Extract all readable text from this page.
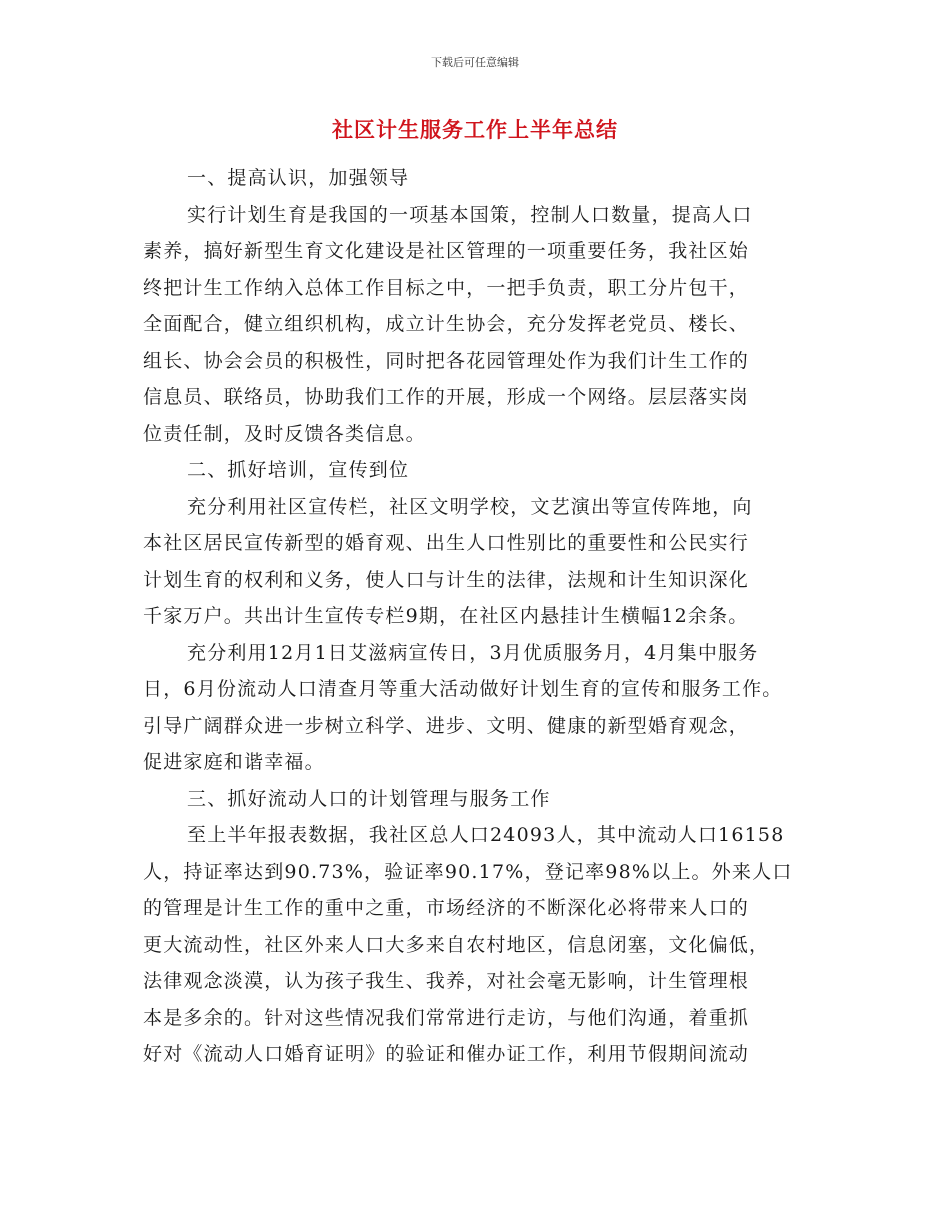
下载后可任意编辑
社区计生服务工作上半年总结
一、提高认识，加强领导
实行计划生育是我国的一项基本国策，控制人口数量，提高人口
素养，搞好新型生育文化建设是社区管理的一项重要任务，我社区始
终把计生工作纳入总体工作目标之中，一把手负责，职工分片包干，
全面配合，健立组织机构，成立计生协会，充分发挥老党员、楼长、
组长、协会会员的积极性，同时把各花园管理处作为我们计生工作的
信息员、联络员，协助我们工作的开展，形成一个网络。层层落实岗
位责任制，及时反馈各类信息。
二、抓好培训，宣传到位
充分利用社区宣传栏，社区文明学校，文艺演出等宣传阵地，向
本社区居民宣传新型的婚育观、出生人口性别比的重要性和公民实行
计划生育的权利和义务，使人口与计生的法律，法规和计生知识深化
千家万户。共出计生宣传专栏9期，在社区内悬挂计生横幅12余条。
充分利用12月1日艾滋病宣传日，3月优质服务月，4月集中服务
日，6月份流动人口清查月等重大活动做好计划生育的宣传和服务工作。
引导广阔群众进一步树立科学、进步、文明、健康的新型婚育观念，
促进家庭和谐幸福。
三、抓好流动人口的计划管理与服务工作
至上半年报表数据，我社区总人口24093人，其中流动人口16158
人，持证率达到90.73%，验证率90.17%，登记率98%以上。外来人口
的管理是计生工作的重中之重，市场经济的不断深化必将带来人口的
更大流动性，社区外来人口大多来自农村地区，信息闭塞，文化偏低，
法律观念淡漠，认为孩子我生、我养，对社会毫无影响，计生管理根
本是多余的。针对这些情况我们常常进行走访，与他们沟通，着重抓
好对《流动人口婚育证明》的验证和催办证工作，利用节假期间流动
